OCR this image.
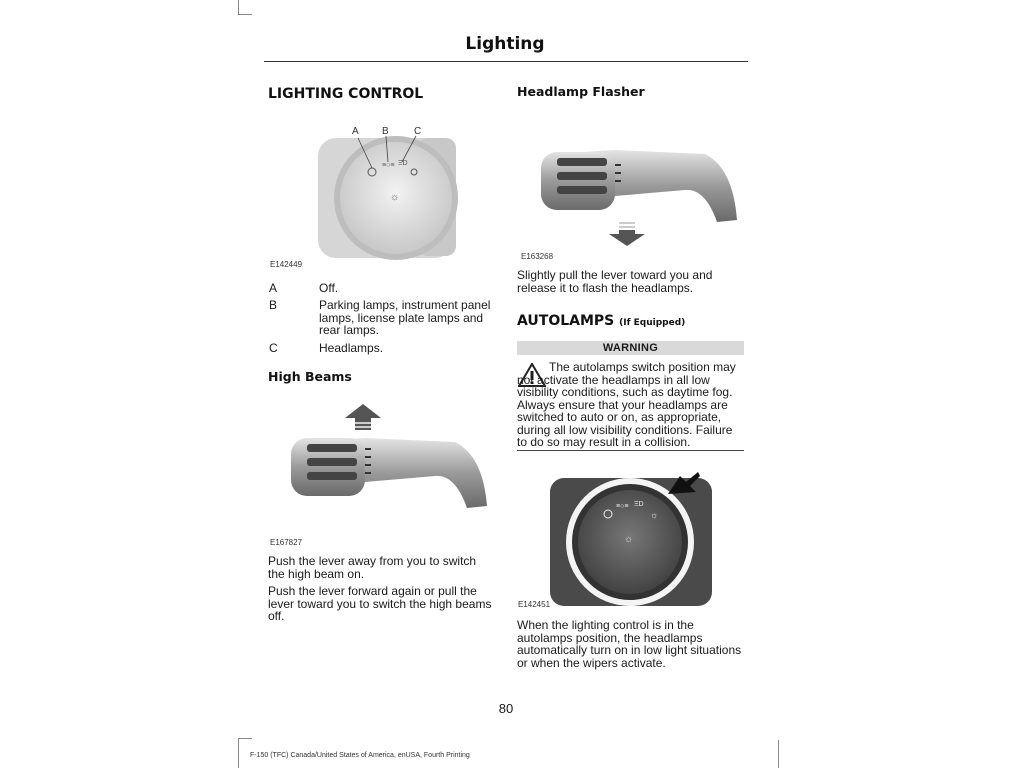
Lighting
LIGHTING CONTROL
≡○≡ ΞD
☼
A B	C
E142449
A	Off.
B	Parking lamps, instrument panel lamps, license plate lamps and rear lamps.
C	Headlamps.
High Beams
E167827
Push the lever away from you to switch the high beam on.
Push the lever forward again or pull the lever toward you to switch the high beams off.
Headlamp Flasher
E163268
Slightly pull the lever toward you and release it to flash the headlamps.
AUTOLAMPS (If Equipped)
WARNING
The autolamps switch position may not activate the headlamps in all low visibility conditions, such as daytime fog. Always ensure that your headlamps are switched to auto or on, as appropriate, during all low visibility conditions. Failure to do so may result in a collision.
≡○≡ ΞD
☼
☼
E142451
When the lighting control is in the autolamps position, the headlamps automatically turn on in low light situations or when the wipers activate.
80
F-150 (TFC) Canada/United States of America, enUSA, Fourth Printing
